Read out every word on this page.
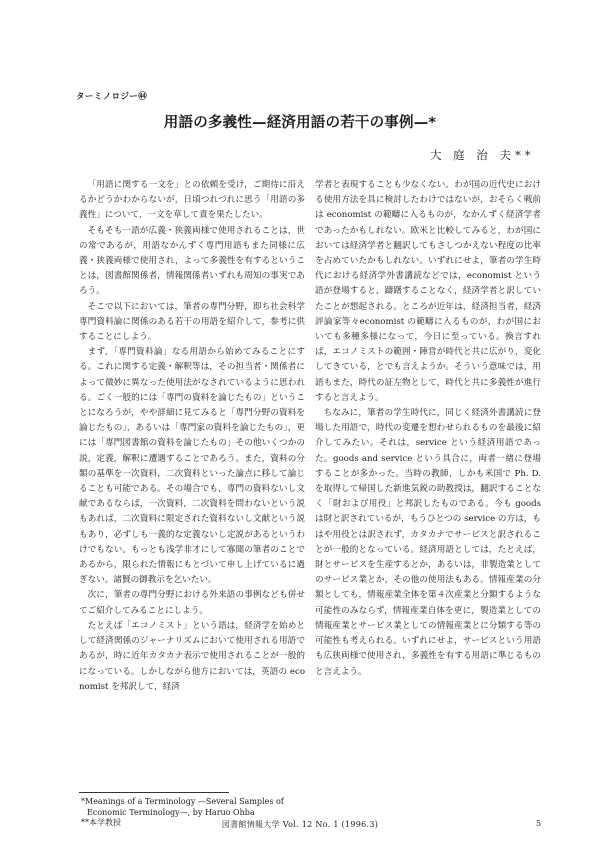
ターミノロジー㊹
用語の多義性—経済用語の若干の事例—*
大 庭 治 夫**

「用語に関する一文を」との依頼を受け，ご期待に沿えるかどうかわからないが，日頃つれづれに思う「用語の多義性」について，一文を草して責を果たしたい。

そもそも一語が広義・狭義両様で使用されることは，世の常であるが，用語なかんずく専門用語もまた同様に広義・狭義両様で使用され，よって多義性を有するということは，図書館関係者，情報関係者いずれも周知の事実であろう。

そこで以下においては，筆者の専門分野，即ち社会科学専門資料論に関係のある若干の用語を紹介して，参考に供することにしよう。

まず，「専門資料論」なる用語から始めてみることにする。これに関する定義・解釈等は，その担当者・関係者によって微妙に異なった使用法がなされているように思われる。ごく一般的には「専門の資料を論じたもの」ということになろうが，やや詳細に見てみると「専門分野の資料を論じたもの」，あるいは「専門家の資料を論じたもの」，更には「専門図書館の資料を論じたもの」その他いくつかの説，定義，解釈に遭遇することであろう。また，資料の分類の基準を一次資料，二次資料といった論点に移して論じることも可能である。その場合でも，専門の資料ないし文献であるならば，一次資料，二次資料を問わないという説もあれば，二次資料に限定された資料ないし文献という説もあり，必ずしも一義的な定義ないし定説があるというわけでもない。もっとも浅学非才にして寡聞の筆者のことであるから，限られた情報にもとづいて申し上げているに過ぎない。諸賢の御教示を乞いたい。

次に，筆者の専門分野における外来語の事例なども併せてご紹介してみることにしよう。

たとえば「エコノミスト」という語は，経済学を始めとして経済関係のジャーナリズムにおいて使用される用語であるが，時に近年カタカナ表示で使用されることが一般的になっている。しかしながら他方においては，英語の economist を邦訳して，経済

学者と表現することも少なくない。わが国の近代史における使用方法を具に検討したわけではないが，おそらく戦前は economist の範疇に入るものが，なかんずく経済学者であったかもしれない。欧米と比較してみると，わが国においては経済学者と翻訳してもさしつかえない程度の比率を占めていたかもしれない。いずれにせよ，筆者の学生時代における経済学外書講読などでは，economist という語が登場すると，躊躇することなく，経済学者と訳していたことが想起される。ところが近年は，経済担当者，経済評論家等々economist の範疇に入るものが，わが国においても多種多様になって，今日に至っている。換言すれば，エコノミストの範囲・陣営が時代と共に広がり，変化してきている，とでも言えようか。そういう意味では，用語もまた，時代の証左物として，時代と共に多義性が進行すると言えよう。

ちなみに，筆者の学生時代に，同じく経済外書講読に登場した用語で，時代の変遷を想わせられるものを最後に紹介してみたい。それは，service という経済用語であった。goods and service という具合に，両者一緒に登場することが多かった。当時の教師，しかも米国で Ph. D. を取得して帰国した新進気鋭の助教授は，翻訳することなく「財および用役」と邦訳したものである。今も goods は財と訳されているが，もうひとつの service の方は，もはや用役とは訳されず，カタカナでサービスと訳されることが一般的となっている。経済用語としては，たとえば，財とサービスを生産するとか，あるいは，非製造業としてのサービス業とか，その他の使用法もある。情報産業の分類としても，情報産業全体を第４次産業と分類するような可能性のみならず，情報産業自体を更に，製造業としての情報産業とサービス業としての情報産業とに分類する等の可能性も考えられる。いずれにせよ，サービスという用語も広狭両様で使用され，多義性を有する用語に準じるものと言えよう。

*Meanings of a Terminology —Several Samples of
Economic Terminology—, by Haruo Ohba
**本学教授	図書館情報大学 Vol. 12 No. 1 (1996.3)	5
